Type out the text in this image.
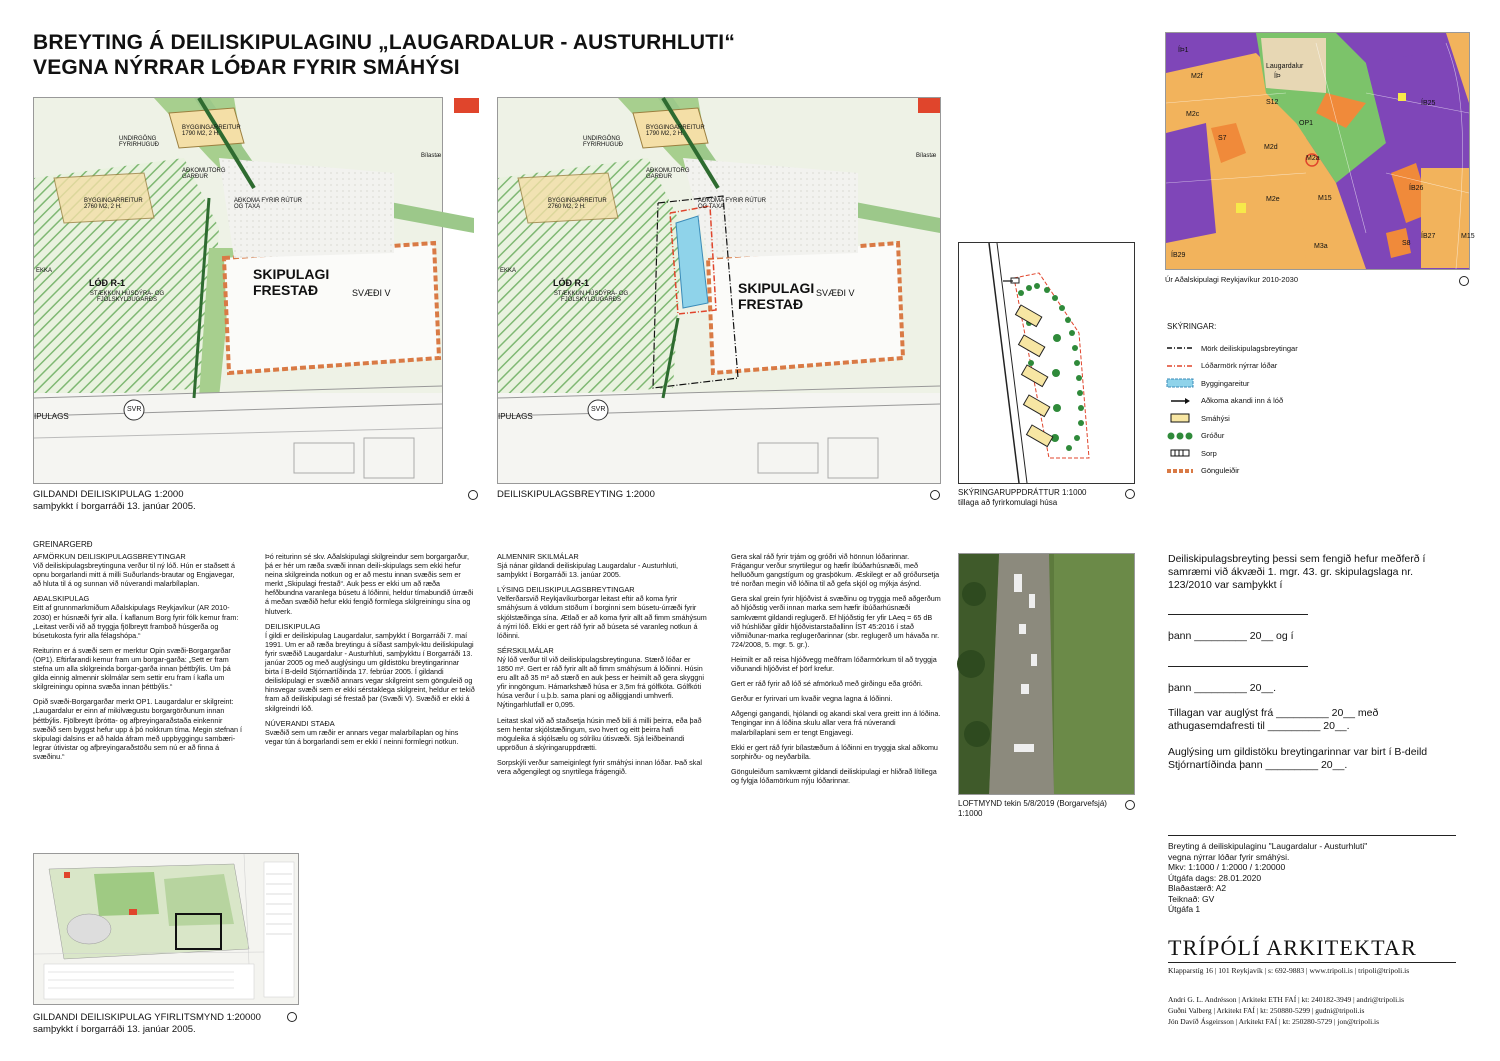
BREYTING Á DEILISKIPULAGINU „LAUGARDALUR - AUSTURHLUTI“
VEGNA NÝRRAR LÓÐAR FYRIR SMÁHÝSI
SKIPULAGI
FRESTAÐ	SVÆÐI V
LÓÐ R-1
STÆKKUN HÚSDÝRA- OG FJÖLSKYLDUGARÐS
BYGGINGARREITUR
1790 M2, 2 H.
BYGGINGARREITUR
2760 M2, 2 H.
AÐKOMA FYRIR RÚTUR OG TAXA
UNDIRGÖNG FYRIRHUGUÐ
AÐKOMUTORG GARÐUR
SVR
IPULAGS
EKKA
Bílastæ
GILDANDI DEILISKIPULAG 1:2000
samþykkt í borgarráði 13. janúar 2005.
SKIPULAGI
FRESTAÐ
SVÆÐI V
LÓÐ R-1
STÆKKUN HÚSDÝRA- OG FJÖLSKYLDUGARÐS
BYGGINGARREITUR
1790 M2, 2 H.
BYGGINGARREITUR
2760 M2, 2 H.
AÐKOMA FYRIR RÚTUR OG TAXA
UNDIRGÖNG FYRIRHUGUÐ
AÐKOMUTORG GARÐUR
SVR
IPULAGS
EKKA
Bílastæ
DEILISKIPULAGSBREYTING 1:2000	SKÝRINGARUPPDRÁTTUR 1:1000
tillaga að fyrirkomulagi húsa
ÍÞ1
Laugardalur
ÍÞ
M2f
S12	ÍB25
M2c
S7
OP1
M2d
M2a
ÍB26
M15
M2e
ÍB29
M3a	S8
ÍB27	M15
Úr Aðalskipulagi Reykjavíkur 2010-2030
SKÝRINGAR:
Mörk deiliskipulagsbreytingar
Lóðarmörk nýrrar lóðar
Byggingareitur
Aðkoma akandi inn á lóð
Smáhýsi
Gróður
Sorp
Gönguleiðir
LOFTMYND tekin 5/8/2019 (Borgarvefsjá)
1:1000
GREINARGERÐ
AFMÖRKUN DEILISKIPULAGSBREYTINGAR

Við deiliskipulagsbreytinguna verður til ný lóð. Hún er staðsett á opnu borgarlandi mitt á milli Suðurlands-brautar og Engjavegar, að hluta til á og sunnan við núverandi malarbílaplan.

AÐALSKIPULAG

Eitt af grunnmarkmiðum Aðalskipulags Reykjavíkur (AR 2010-2030) er húsnæði fyrir alla. Í kaflanum Borg fyrir fólk kemur fram: „Leitast verði við að tryggja fjölbreytt framboð húsgerða og búsetukosta fyrir alla félagshópa.“

Reiturinn er á svæði sem er merktur Opin svæði-Borgargarðar (OP1). Eftirfarandi kemur fram um borgar-garða: „Sett er fram stefna um alla skilgreinda borgar-garða innan þéttbýlis. Um þá gilda einnig almennir skilmálar sem settir eru fram í kafla um skilgreiningu opinna svæða innan þéttbýlis.“

Opið svæði-Borgargarðar merkt OP1. Laugardalur er skilgreint: „Laugardalur er einn af mikilvægustu borgargörðunum innan þéttbýlis. Fjölbreytt íþrótta- og afþreyingaraðstaða einkennir svæðið sem byggst hefur upp á þó nokkrum tíma. Megin stefnan í skipulagi dalsins er að halda áfram með uppbyggingu sambæri-legrar útivistar og afþreyingaraðstöðu sem nú er að finna á svæðinu.“

Þó reiturinn sé skv. Aðalskipulagi skilgreindur sem borgargarður, þá er hér um ræða svæði innan deili-skipulags sem ekki hefur neina skilgreinda notkun og er að mestu innan svæðis sem er merkt „Skipulagi frestað“. Auk þess er ekki um að ræða hefðbundna varanlega búsetu á lóðinni, heldur tímabundið úrræði á meðan svæðið hefur ekki fengið formlega skilgreiningu sína og hlutverk.

DEILISKIPULAG

Í gildi er deiliskipulag Laugardalur, samþykkt í Borgarráði 7. maí 1991. Um er að ræða breytingu á síðast samþyk-ktu deiliskipulagi fyrir svæðið Laugardalur - Austurhluti, samþykktu í Borgarráði 13. janúar 2005 og með auglýsingu um gildistöku breytingarinnar birta í B-deild Stjórnartíðinda 17. febrúar 2005. Í gildandi deiliskipulagi er svæðið annars vegar skilgreint sem gönguleið og hinsvegar svæði sem er ekki sérstaklega skilgreint, heldur er tekið fram að deiliskipulagi sé frestað þar (Svæði V). Svæðið er ekki á skilgreindri lóð.

NÚVERANDI STAÐA

Svæðið sem um ræðir er annars vegar malarbílaplan og hins vegar tún á borgarlandi sem er ekki í neinni formlegri notkun.

ALMENNIR SKILMÁLAR

Sjá nánar gildandi deiliskipulag Laugardalur - Austurhluti, samþykkt í Borgarráði 13. janúar 2005.

LÝSING DEILISKIPULAGSBREYTINGAR

Velferðarsvið Reykjavíkurborgar leitast eftir að koma fyrir smáhýsum á völdum stöðum í borginni sem búsetu-úrræði fyrir skjólstæðinga sína. Ætlað er að koma fyrir allt að fimm smáhýsum á nýrri lóð. Ekki er gert ráð fyrir að búseta sé varanleg notkun á lóðinni.

SÉRSKILMÁLAR

Ný lóð verður til við deiliskipulagsbreytinguna. Stærð lóðar er 1850 m². Gert er ráð fyrir allt að fimm smáhýsum á lóðinni. Húsin eru allt að 35 m² að stærð en auk þess er heimilt að gera skyggni yfir inngöngum. Hámarkshæð húsa er 3,5m frá gólfkóta. Gólfkóti húsa verður í u.þ.b. sama plani og aðliggjandi umhverfi. Nýtingarhlutfall er 0,095.

Leitast skal við að staðsetja húsin með bili á milli þeirra, eða það sem hentar skjólstæðingum, svo hvert og eitt þeirra hafi möguleika á skjólsælu og sólríku útisvæði. Sjá leiðbeinandi uppröðun á skýringaruppdrætti.

Sorpskýli verður sameiginlegt fyrir smáhýsi innan lóðar. Það skal vera aðgengilegt og snyrtilega frágengið.

Gera skal ráð fyrir trjám og gróðri við hönnun lóðarinnar. Frágangur verður snyrtilegur og hæfir íbúðarhúsnæði, með helluöðum gangstígum og grasþökum. Æskilegt er að gróðursetja tré norðan megin við lóðina til að gefa skjól og mýkja ásýnd.

Gera skal grein fyrir hljóðvist á svæðinu og tryggja með aðgerðum að hljóðstig verði innan marka sem hæfir íbúðarhúsnæði samkvæmt gildandi reglugerð. Ef hljóðstig fer yfir LAeq = 65 dB við húshliðar gildir hljóðvistarstaðallinn ÍST 45:2016 í stað viðmiðunar-marka reglugerðarinnar (sbr. reglugerð um hávaða nr. 724/2008, 5. mgr. 5. gr.).

Heimilt er að reisa hljóðvegg meðfram lóðarmörkum til að tryggja viðunandi hljóðvist ef þörf krefur.

Gert er ráð fyrir að lóð sé afmörkuð með girðingu eða gróðri.

Gerður er fyrirvari um kvaðir vegna lagna á lóðinni.

Aðgengi gangandi, hjólandi og akandi skal vera greitt inn á lóðina. Tengingar inn á lóðina skulu allar vera frá núverandi malarbílaplani sem er tengt Engjavegi.

Ekki er gert ráð fyrir bílastæðum á lóðinni en tryggja skal aðkomu sorphirðu- og neyðarbíla.

Gönguleiðum samkvæmt gildandi deiliskipulagi er hliðrað lítillega og fylgja lóðamörkum nýju lóðarinnar.

GILDANDI DEILISKIPULAG YFIRLITSMYND 1:20000
samþykkt í borgarráði 13. janúar 2005.
Deiliskipulagsbreyting þessi sem fengið hefur meðferð í samræmi við ákvæði 1. mgr. 43. gr. skipulagslaga nr. 123/2010 var samþykkt í
þann _________ 20__ og í
þann _________ 20__.
Tillagan var auglýst frá _________ 20__ með athugasemdafresti til _________ 20__.
Auglýsing um gildistöku breytingarinnar var birt í B-deild Stjórnartíðinda þann _________ 20__.
Breyting á deiliskipulaginu "Laugardalur - Austurhluti"
vegna nýrrar lóðar fyrir smáhýsi.
Mkv: 1:1000 / 1:2000 / 1:20000
Útgáfa dags: 28.01.2020
Blaðastærð: A2
Teiknað: GV
Útgáfa 1
TRÍPÓLÍ ARKITEKTAR
Klapparstíg 16 | 101 Reykjavík | s: 692-9883 | www.tripoli.is | tripoli@tripoli.is
Andri G. L. Andrésson | Arkitekt ETH FAÍ | kt: 240182-3949 | andri@tripoli.is
Guðni Valberg | Arkitekt FAÍ | kt: 250880-5299 | gudni@tripoli.is
Jón Davíð Ásgeirsson | Arkitekt FAÍ | kt: 250280-5729 | jon@tripoli.is
